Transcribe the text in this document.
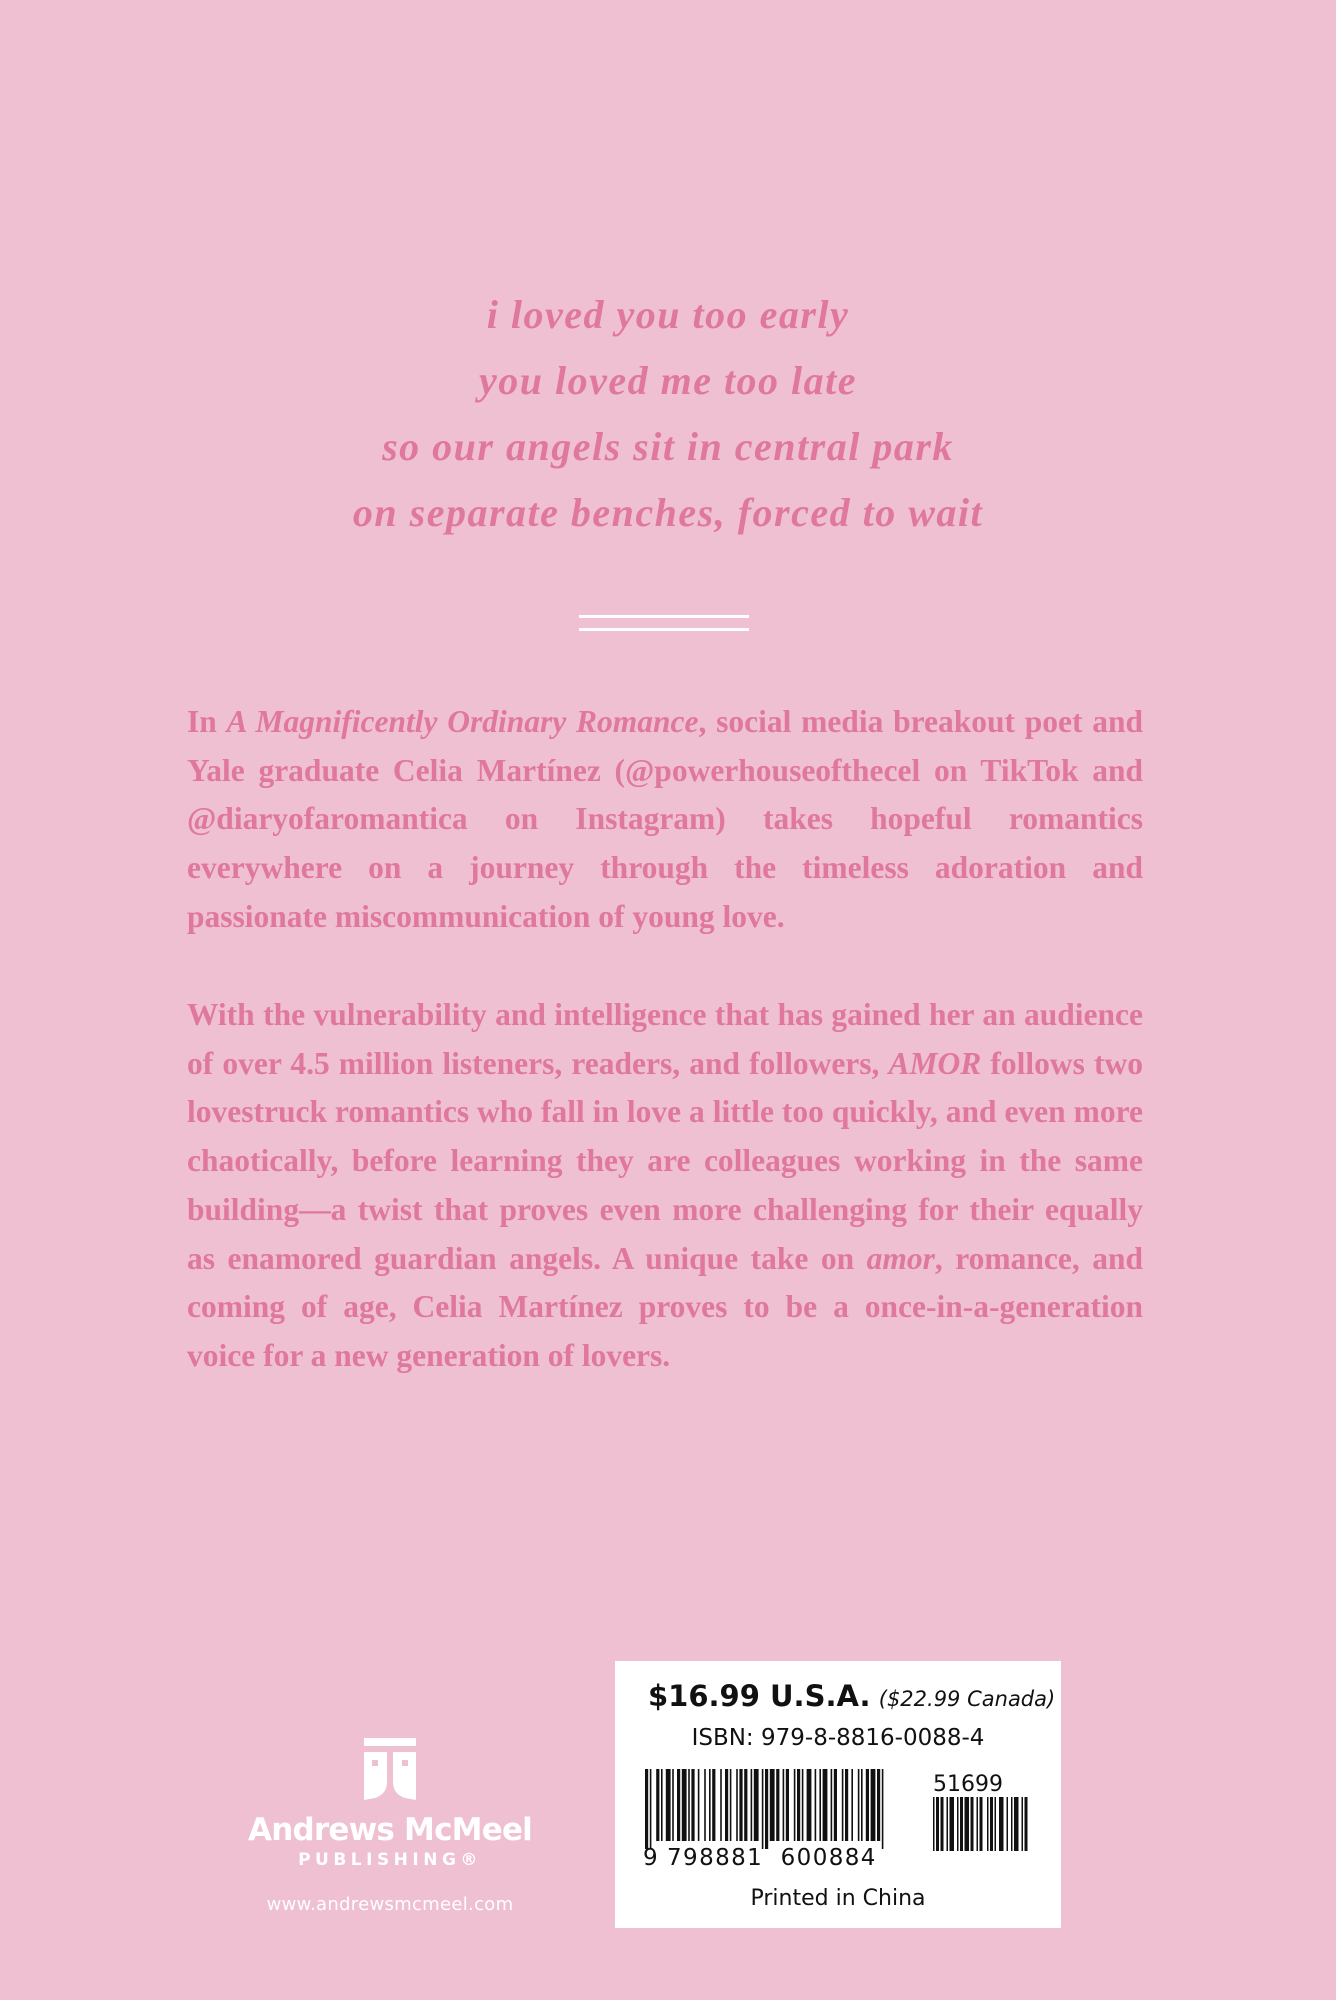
i loved you too early
you loved me too late
so our angels sit in central park
on separate benches, forced to wait

In A Magnificently Ordinary Romance, social media breakout poet and Yale graduate Celia Martínez (@powerhouseofthecel on TikTok and @diaryofaromantica on Instagram) takes hopeful romantics everywhere on a journey through the timeless adoration and passionate miscommunication of young love.

With the vulnerability and intelligence that has gained her an audience of over 4.5 million listeners, readers, and followers, AMOR follows two lovestruck romantics who fall in love a little too quickly, and even more chaotically, before learning they are colleagues working in the same building—a twist that proves even more challenging for their equally as enamored guardian angels. A unique take on amor, romance, and coming of age, Celia Martínez proves to be a once-in-a-generation voice for a new generation of lovers.

Andrews McMeel
PUBLISHING®
www.andrewsmcmeel.com
$16.99 U.S.A. ($22.99 Canada)
ISBN: 979-8-8816-0088-4
51699
9 798881  600884
Printed in China
